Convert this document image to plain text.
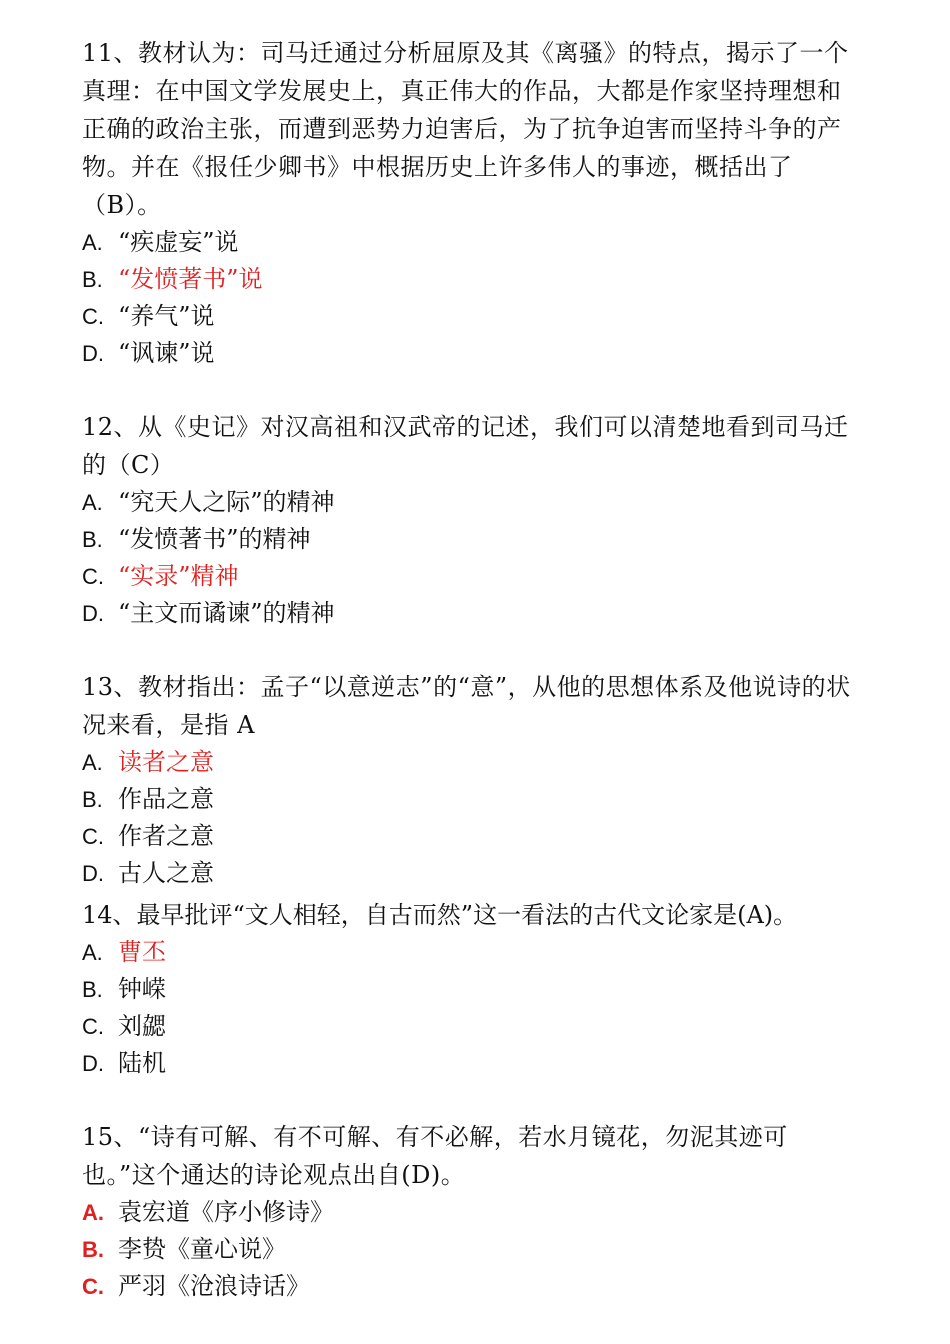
11、教材认为：司马迁通过分析屈原及其《离骚》的特点，揭示了一个真理：在中国文学发展史上，真正伟大的作品，大都是作家坚持理想和正确的政治主张，而遭到恶势力迫害后，为了抗争迫害而坚持斗争的产物。并在《报任少卿书》中根据历史上许多伟人的事迹，概括出了（B）。

A. “疾虚妄”说

B. “发愤著书”说

C. “养气”说

D. “讽谏”说

12、从《史记》对汉高祖和汉武帝的记述，我们可以清楚地看到司马迁的（C）

A. “究天人之际”的精神

B. “发愤著书”的精神

C. “实录”精神

D. “主文而谲谏”的精神

13、教材指出：孟子“以意逆志”的“意”，从他的思想体系及他说诗的状况来看，是指 A

A. 读者之意

B. 作品之意

C. 作者之意

D. 古人之意

14、最早批评“文人相轻，自古而然”这一看法的古代文论家是(A)。

A. 曹丕

B. 钟嵘

C. 刘勰

D. 陆机

15、“诗有可解、有不可解、有不必解，若水月镜花，勿泥其迹可也。”这个通达的诗论观点出自(D)。

A. 袁宏道《序小修诗》

B. 李贽《童心说》

C. 严羽《沧浪诗话》
